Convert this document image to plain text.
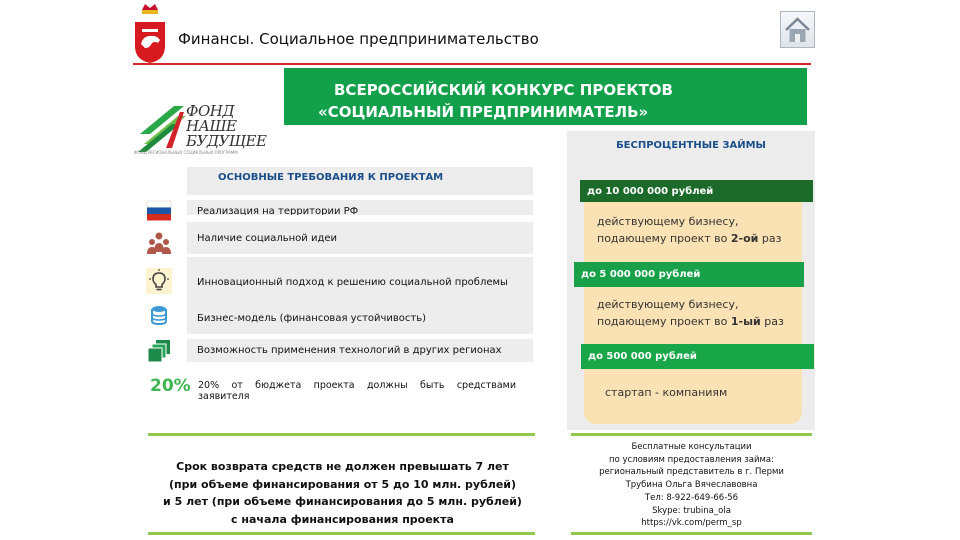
Финансы. Социальное предпринимательство
ВСЕРОССИЙСКИЙ КОНКУРС ПРОЕКТОВ
«СОЦИАЛЬНЫЙ ПРЕДПРИНИМАТЕЛЬ»
ФОНД
НАШЕ
БУДУЩЕЕ
ФОНД РЕГИОНАЛЬНЫХ СОЦИАЛЬНЫХ ПРОГРАММ
ОСНОВНЫЕ ТРЕБОВАНИЯ К ПРОЕКТАМ
Реализация на территории РФ
Наличие социальной идеи
Инновационный подход к решению социальной проблемы
Бизнес-модель (финансовая устойчивость)
Возможность применения технологий в других регионах
20% 20% от бюджета проекта должны быть средствами
заявителя
Срок возврата средств не должен превышать 7 лет
(при объеме финансирования от 5 до 10 млн. рублей)
и 5 лет (при объеме финансирования до 5 млн. рублей)
с начала финансирования проекта
БЕСПРОЦЕНТНЫЕ ЗАЙМЫ
до 10 000 000 рублей
действующему бизнесу,
подающему проект во 2-ой раз
до 5 000 000 рублей
действующему бизнесу,
подающему проект во 1-ый раз
до 500 000 рублей
стартап - компаниям
Бесплатные консультации
по условиям предоставления займа:
региональный представитель в г. Перми
Трубина Ольга Вячеславовна
Тел: 8-922-649-66-56
Skype: trubina_ola
https://vk.com/perm_sp
